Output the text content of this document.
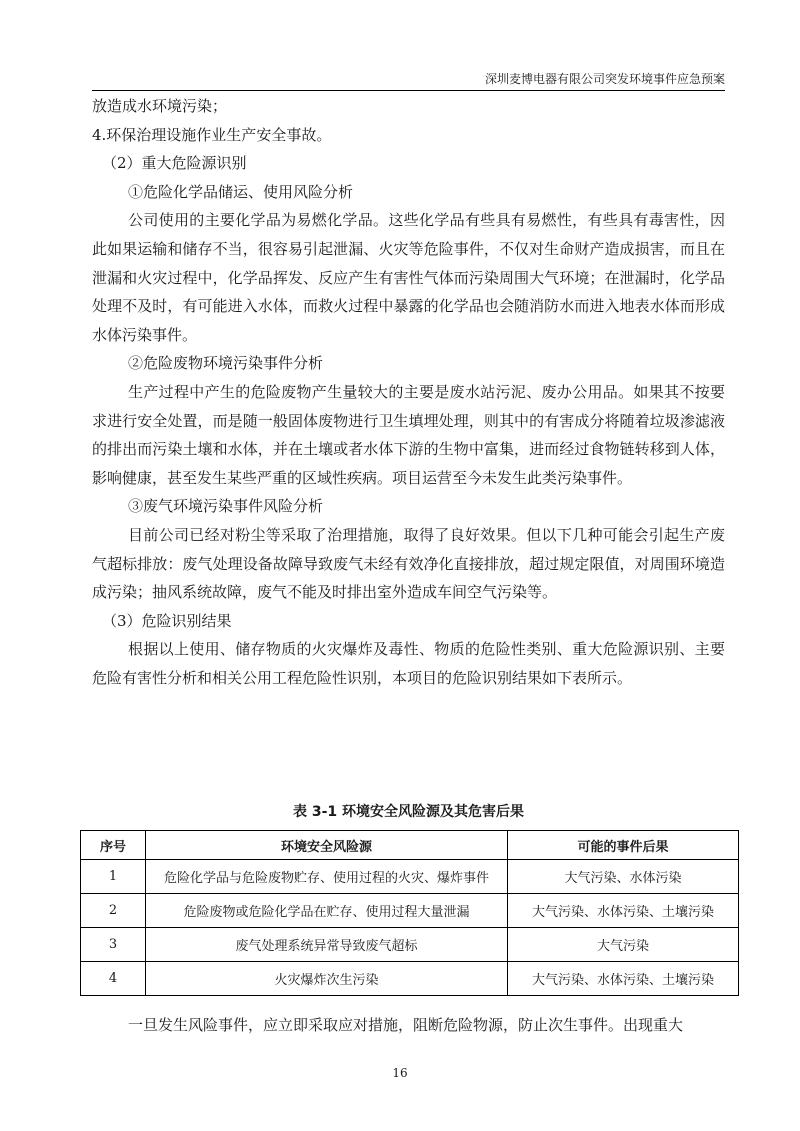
深圳麦博电器有限公司突发环境事件应急预案

放造成水环境污染；

4.环保治理设施作业生产安全事故。

（2）重大危险源识别

①危险化学品储运、使用风险分析

公司使用的主要化学品为易燃化学品。这些化学品有些具有易燃性，有些具有毒害性，因此如果运输和储存不当，很容易引起泄漏、火灾等危险事件，不仅对生命财产造成损害，而且在泄漏和火灾过程中，化学品挥发、反应产生有害性气体而污染周围大气环境；在泄漏时，化学品处理不及时，有可能进入水体，而救火过程中暴露的化学品也会随消防水而进入地表水体而形成水体污染事件。

②危险废物环境污染事件分析

生产过程中产生的危险废物产生量较大的主要是废水站污泥、废办公用品。如果其不按要求进行安全处置，而是随一般固体废物进行卫生填埋处理，则其中的有害成分将随着垃圾渗滤液的排出而污染土壤和水体，并在土壤或者水体下游的生物中富集，进而经过食物链转移到人体，影响健康，甚至发生某些严重的区域性疾病。项目运营至今未发生此类污染事件。

③废气环境污染事件风险分析

目前公司已经对粉尘等采取了治理措施，取得了良好效果。但以下几种可能会引起生产废气超标排放：废气处理设备故障导致废气未经有效净化直接排放，超过规定限值，对周围环境造成污染；抽风系统故障，废气不能及时排出室外造成车间空气污染等。

（3）危险识别结果

根据以上使用、储存物质的火灾爆炸及毒性、物质的危险性类别、重大危险源识别、主要危险有害性分析和相关公用工程危险性识别，本项目的危险识别结果如下表所示。

表 3-1 环境安全风险源及其危害后果
序号	环境安全风险源	可能的事件后果
1	危险化学品与危险废物贮存、使用过程的火灾、爆炸事件	大气污染、水体污染
2	危险废物或危险化学品在贮存、使用过程大量泄漏	大气污染、水体污染、土壤污染
3	废气处理系统异常导致废气超标	大气污染
4	火灾爆炸次生污染	大气污染、水体污染、土壤污染

一旦发生风险事件，应立即采取应对措施，阻断危险物源，防止次生事件。出现重大

16
